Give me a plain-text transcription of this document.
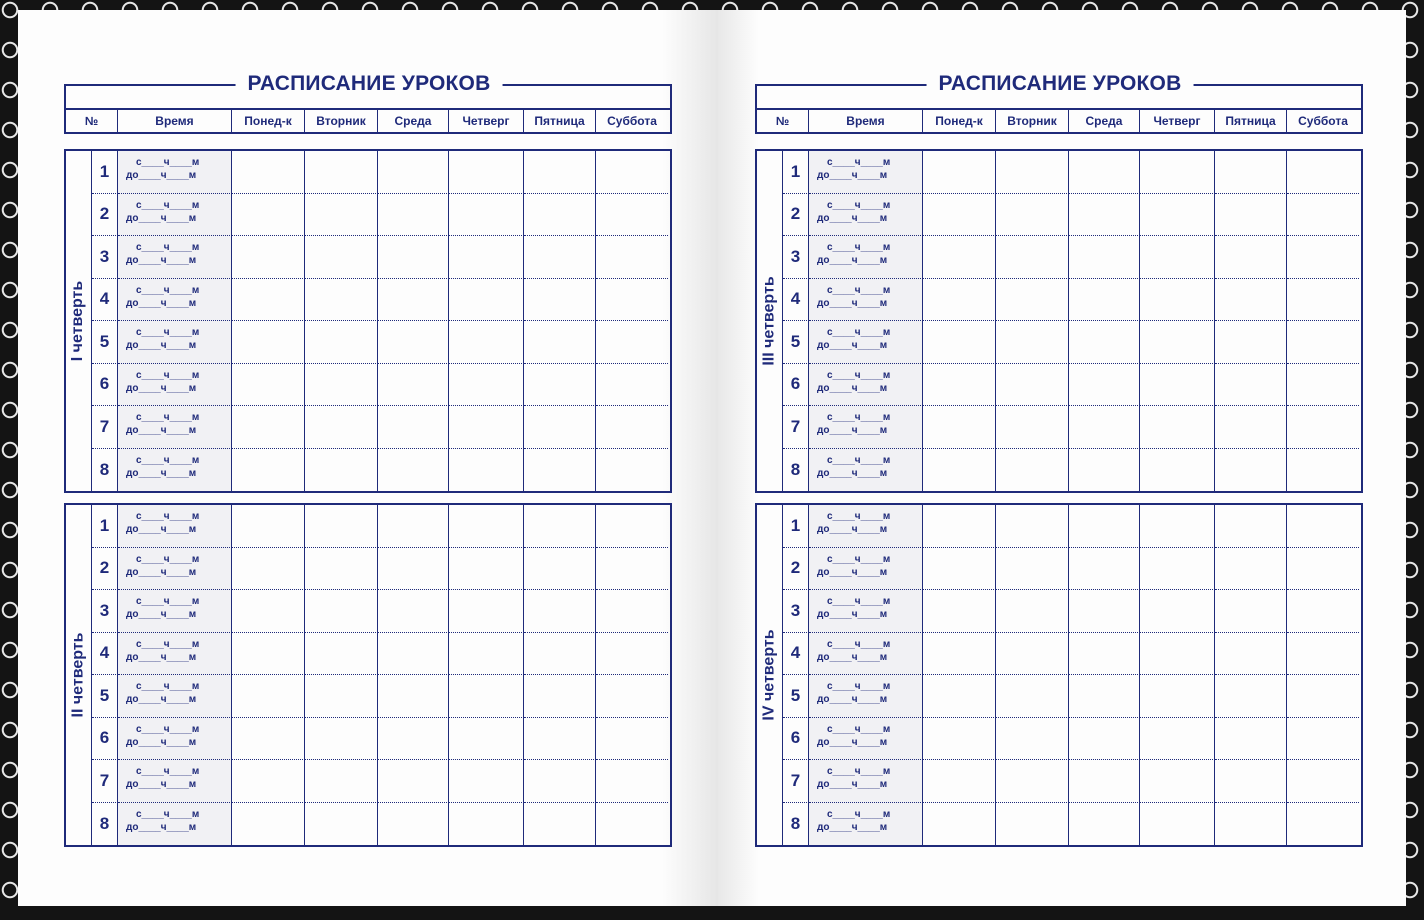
РАСПИСАНИЕ УРОКОВ
№	Время	Понед-к	Вторник	Среда	Четверг	Пятница	Суббота
I четверть
1	с____ч____м
до____ч____м
2	с____ч____м
до____ч____м
3	с____ч____м
до____ч____м
4	с____ч____м
до____ч____м
5	с____ч____м
до____ч____м
6	с____ч____м
до____ч____м
7	с____ч____м
до____ч____м
8	с____ч____м
до____ч____м
II четверть
1	с____ч____м
до____ч____м
2	с____ч____м
до____ч____м
3	с____ч____м
до____ч____м
4	с____ч____м
до____ч____м
5	с____ч____м
до____ч____м
6	с____ч____м
до____ч____м
7	с____ч____м
до____ч____м
8	с____ч____м
до____ч____м
РАСПИСАНИЕ УРОКОВ
№	Время	Понед-к	Вторник	Среда	Четверг	Пятница	Суббота
III четверть
1	с____ч____м
до____ч____м
2	с____ч____м
до____ч____м
3	с____ч____м
до____ч____м
4	с____ч____м
до____ч____м
5	с____ч____м
до____ч____м
6	с____ч____м
до____ч____м
7	с____ч____м
до____ч____м
8	с____ч____м
до____ч____м
IV четверть
1	с____ч____м
до____ч____м
2	с____ч____м
до____ч____м
3	с____ч____м
до____ч____м
4	с____ч____м
до____ч____м
5	с____ч____м
до____ч____м
6	с____ч____м
до____ч____м
7	с____ч____м
до____ч____м
8	с____ч____м
до____ч____м
